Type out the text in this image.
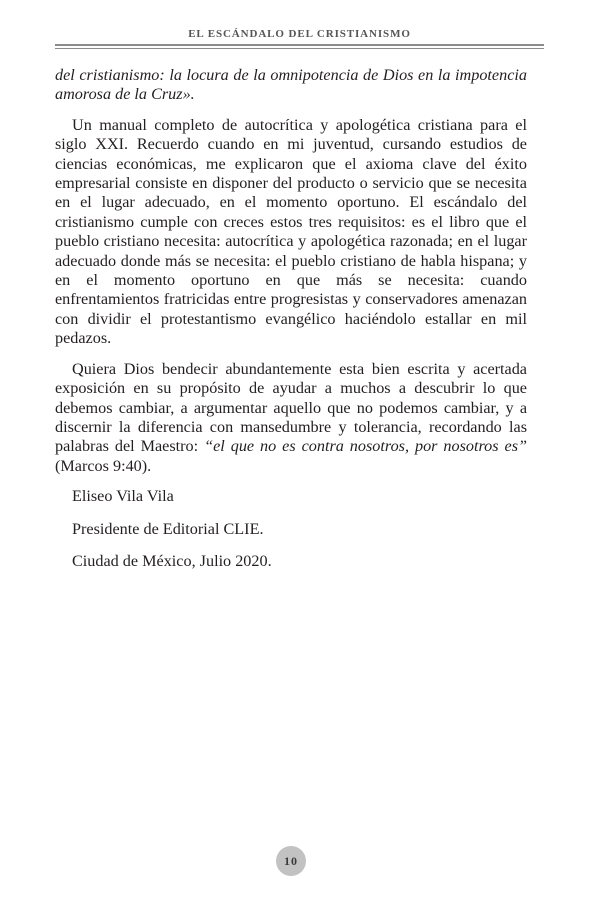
EL ESCÁNDALO DEL CRISTIANISMO

del cristianismo: la locura de la omnipotencia de Dios en la impotencia amorosa de la Cruz».

Un manual completo de autocrítica y apologética cristiana para el siglo XXI. Recuerdo cuando en mi juventud, cursando estudios de ciencias económicas, me explicaron que el axioma clave del éxito empresarial consiste en disponer del producto o servicio que se necesita en el lugar adecuado, en el momento oportuno. El escándalo del cristianismo cumple con creces estos tres requisitos: es el libro que el pueblo cristiano necesita: autocrítica y apologética razonada; en el lugar adecuado donde más se necesita: el pueblo cristiano de habla hispana; y en el momento oportuno en que más se necesita: cuando enfrentamientos fratricidas entre progresistas y conservadores amenazan con dividir el protestantismo evangélico haciéndolo estallar en mil pedazos.

Quiera Dios bendecir abundantemente esta bien escrita y acertada exposición en su propósito de ayudar a muchos a descubrir lo que debemos cambiar, a argumentar aquello que no podemos cambiar, y a discernir la diferencia con mansedumbre y tolerancia, recordando las palabras del Maestro: “el que no es contra nosotros, por nosotros es” (Marcos 9:40).

Eliseo Vila Vila

Presidente de Editorial CLIE.

Ciudad de México, Julio 2020.

10
